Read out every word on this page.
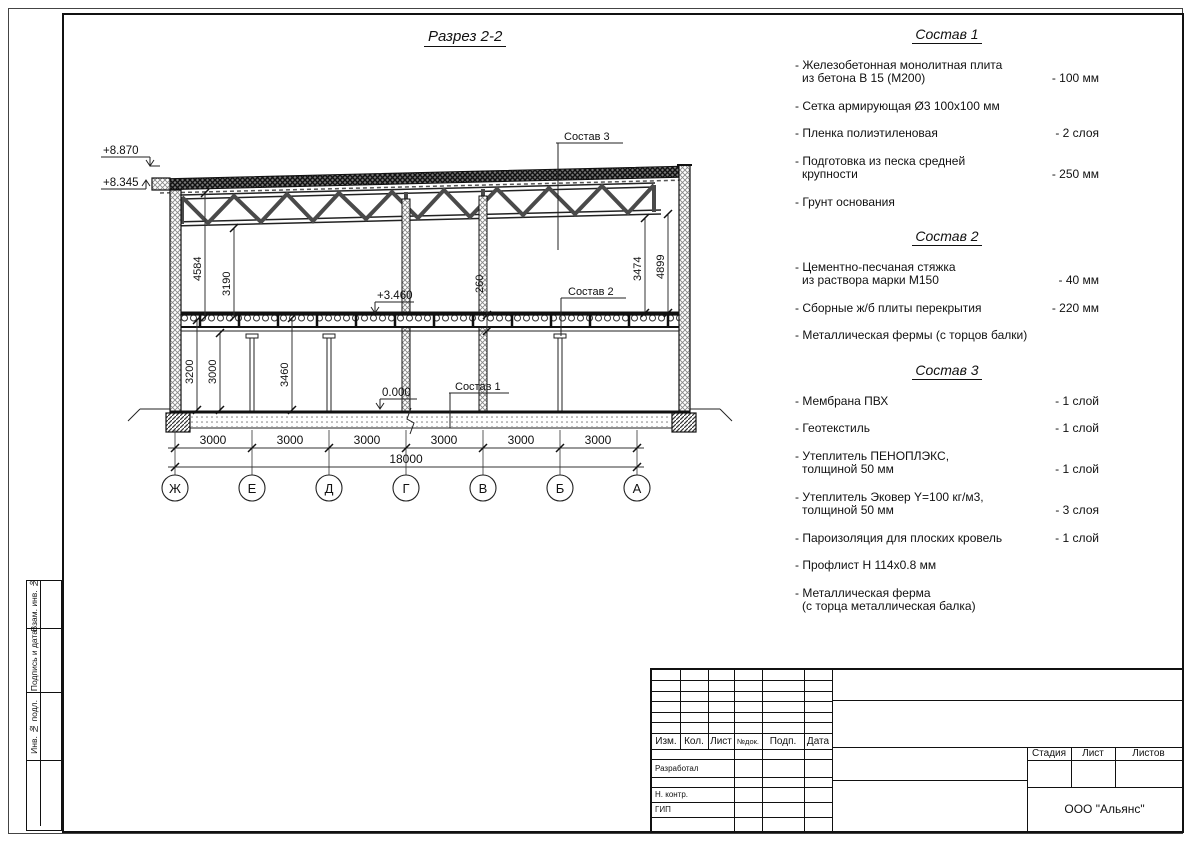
Разрез 2-2
+8.870
+8.345
+3.460
0.000
Состав 3
Состав 2
Состав 1
4584
3190
3474 4899
3200 3000	3460
260
3000	3000	3000	3000	3000	3000
18000
Ж	Е	Д	Г	В	Б	А
Состав 1
- Железобетонная монолитная плита
из бетона В 15 (М200)	- 100 мм
- Сетка армирующая Ø3 100х100 мм
- Пленка полиэтиленовая	- 2 слоя
- Подготовка из песка средней
крупности	- 250 мм
- Грунт основания
Состав 2
- Цементно-песчаная стяжка
из раствора марки М150	- 40 мм
- Сборные ж/б плиты перекрытия	- 220 мм
- Металлическая фермы (с торцов балки)
Состав 3
- Мембрана ПВХ	- 1 слой
- Геотекстиль	- 1 слой
- Утеплитель ПЕНОПЛЭКС,
толщиной 50 мм	- 1 слой
- Утеплитель Эковер Y=100 кг/м3,
толщиной 50 мм	- 3 слоя
- Пароизоляция для плоских кровель	- 1 слой
- Профлист Н 114х0.8 мм
- Металлическая ферма
(с торца металлическая балка)
Взам. инв. №
Подпись и дата
Инв. № подл.	Изм. Кол. Лист №док.	Подп.	Дата
Разработал
Н. контр.
ГИП
Стадия	Лист	Листов
ООО "Альянс"
